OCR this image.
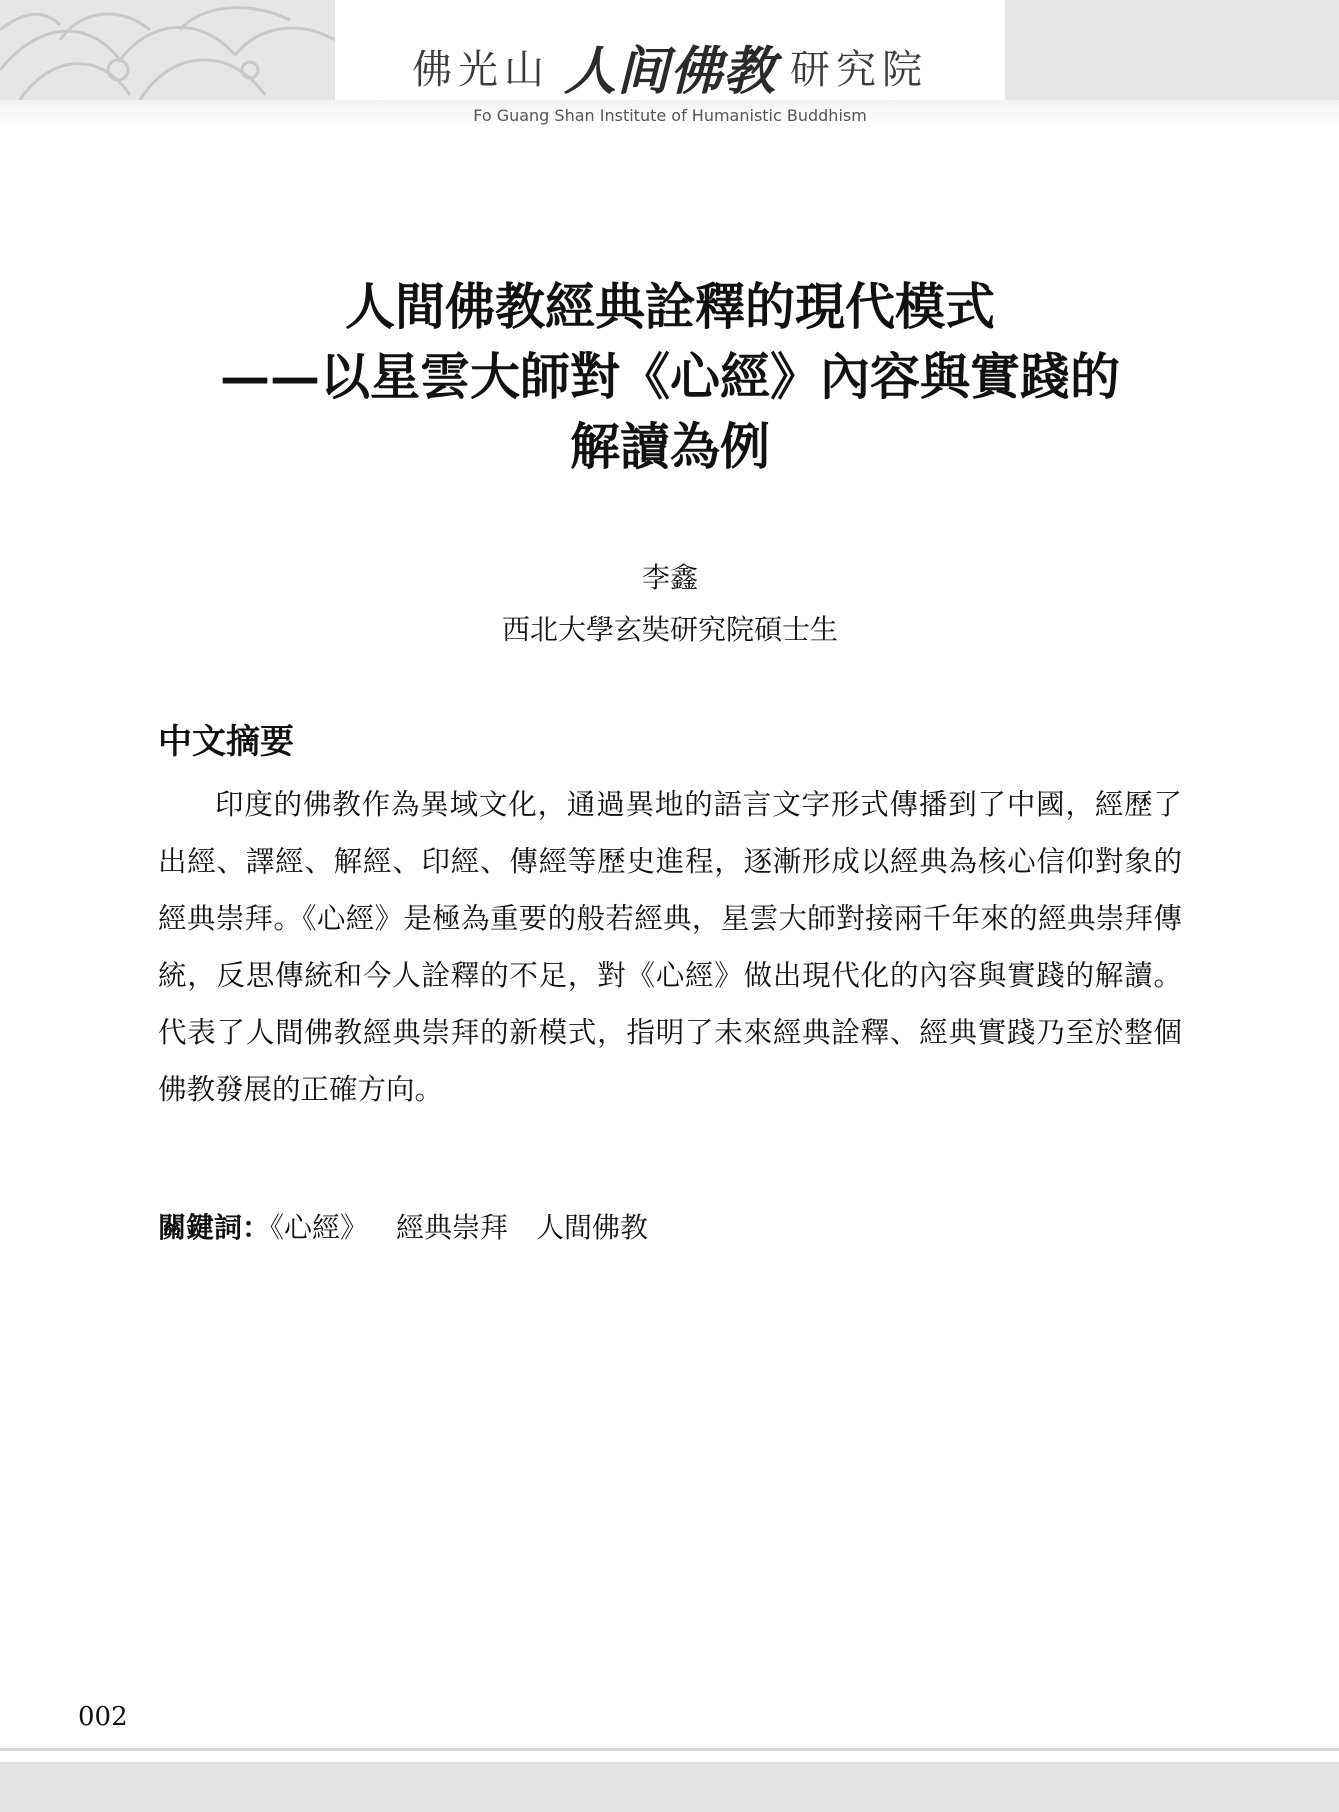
佛光山 人间佛教 研究院
Fo Guang Shan Institute of Humanistic Buddhism
人間佛教經典詮釋的現代模式
——以星雲大師對《心經》內容與實踐的
解讀為例
李鑫
西北大學玄奘研究院碩士生
中文摘要

印度的佛教作為異域文化，通過異地的語言文字形式傳播到了中國，經歷了出經、譯經、解經、印經、傳經等歷史進程，逐漸形成以經典為核心信仰對象的經典崇拜。《心經》是極為重要的般若經典，星雲大師對接兩千年來的經典崇拜傳統，反思傳統和今人詮釋的不足，對《心經》做出現代化的內容與實踐的解讀。代表了人間佛教經典崇拜的新模式，指明了未來經典詮釋、經典實踐乃至於整個佛教發展的正確方向。

關鍵詞：《心經》 經典崇拜 人間佛教
002
